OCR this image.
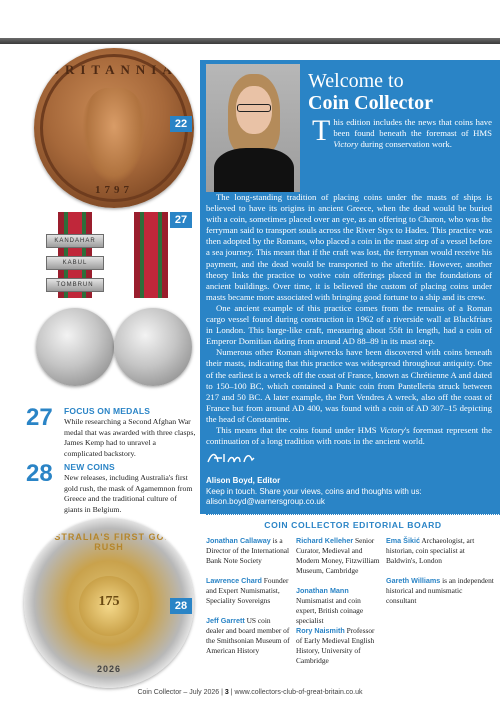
BRITANNIA
1797
22
KANDAHAR
KABUL
TOMBRUN
27
27 FOCUS ON MEDALS
While researching a Second Afghan War medal that was awarded with three clasps, James Kemp had to unravel a complicated backstory.
28 NEW COINS
New releases, including Australia's first gold rush, the mask of Agamemnon from Greece and the traditional culture of giants in Belgium.
AUSTRALIA'S FIRST GOLD RUSH
175
2026
28
Welcome to
Coin Collector
This edition includes the news that coins have been found beneath the foremast of HMS Victory during conservation work.

The long-standing tradition of placing coins under the masts of ships is believed to have its origins in ancient Greece, when the dead would be buried with a coin, sometimes placed over an eye, as an offering to Charon, who was the ferryman said to transport souls across the River Styx to Hades. This practice was then adopted by the Romans, who placed a coin in the mast step of a vessel before a sea journey. This meant that if the craft was lost, the ferryman would receive his payment, and the dead would be transported to the afterlife. However, another theory links the practice to votive coin offerings placed in the foundations of ancient buildings. Over time, it is believed the custom of placing coins under masts became more associated with bringing good fortune to a ship and its crew.

One ancient example of this practice comes from the remains of a Roman cargo vessel found during construction in 1962 of a riverside wall at Blackfriars in London. This barge-like craft, measuring about 55ft in length, had a coin of Emperor Domitian dating from around AD 88–89 in its mast step.

Numerous other Roman shipwrecks have been discovered with coins beneath their masts, indicating that this practice was widespread throughout antiquity. One of the earliest is a wreck off the coast of France, known as Chrétienne A and dated to 150–100 BC, which contained a Punic coin from Pantelleria struck between 217 and 50 BC. A later example, the Port Vendres A wreck, also off the coast of France but from around AD 400, was found with a coin of AD 307–15 depicting the head of Constantine.

This means that the coins found under HMS Victory's foremast represent the continuation of a long tradition with roots in the ancient world.

Alison Boyd, Editor
Keep in touch. Share your views, coins and thoughts with us:
alison.boyd@warnersgroup.co.uk
COIN COLLECTOR EDITORIAL BOARD
Jonathan Callaway is a Director of the International Bank Note Society
Lawrence Chard Founder and Expert Numismatist, Speciality Sovereigns
Jeff Garrett US coin dealer and board member of the Smithsonian Museum of American History
Richard Kelleher Senior Curator, Medieval and Modern Money, Fitzwilliam Museum, Cambridge
Jonathan Mann Numismatist and coin expert, British coinage specialist
Rory Naismith Professor of Early Medieval English History, University of Cambridge
Ema Šikić Archaeologist, art historian, coin specialist at Baldwin's, London
Gareth Williams is an independent historical and numismatic consultant
Coin Collector – July 2026 | 3 | www.collectors-club-of-great-britain.co.uk
